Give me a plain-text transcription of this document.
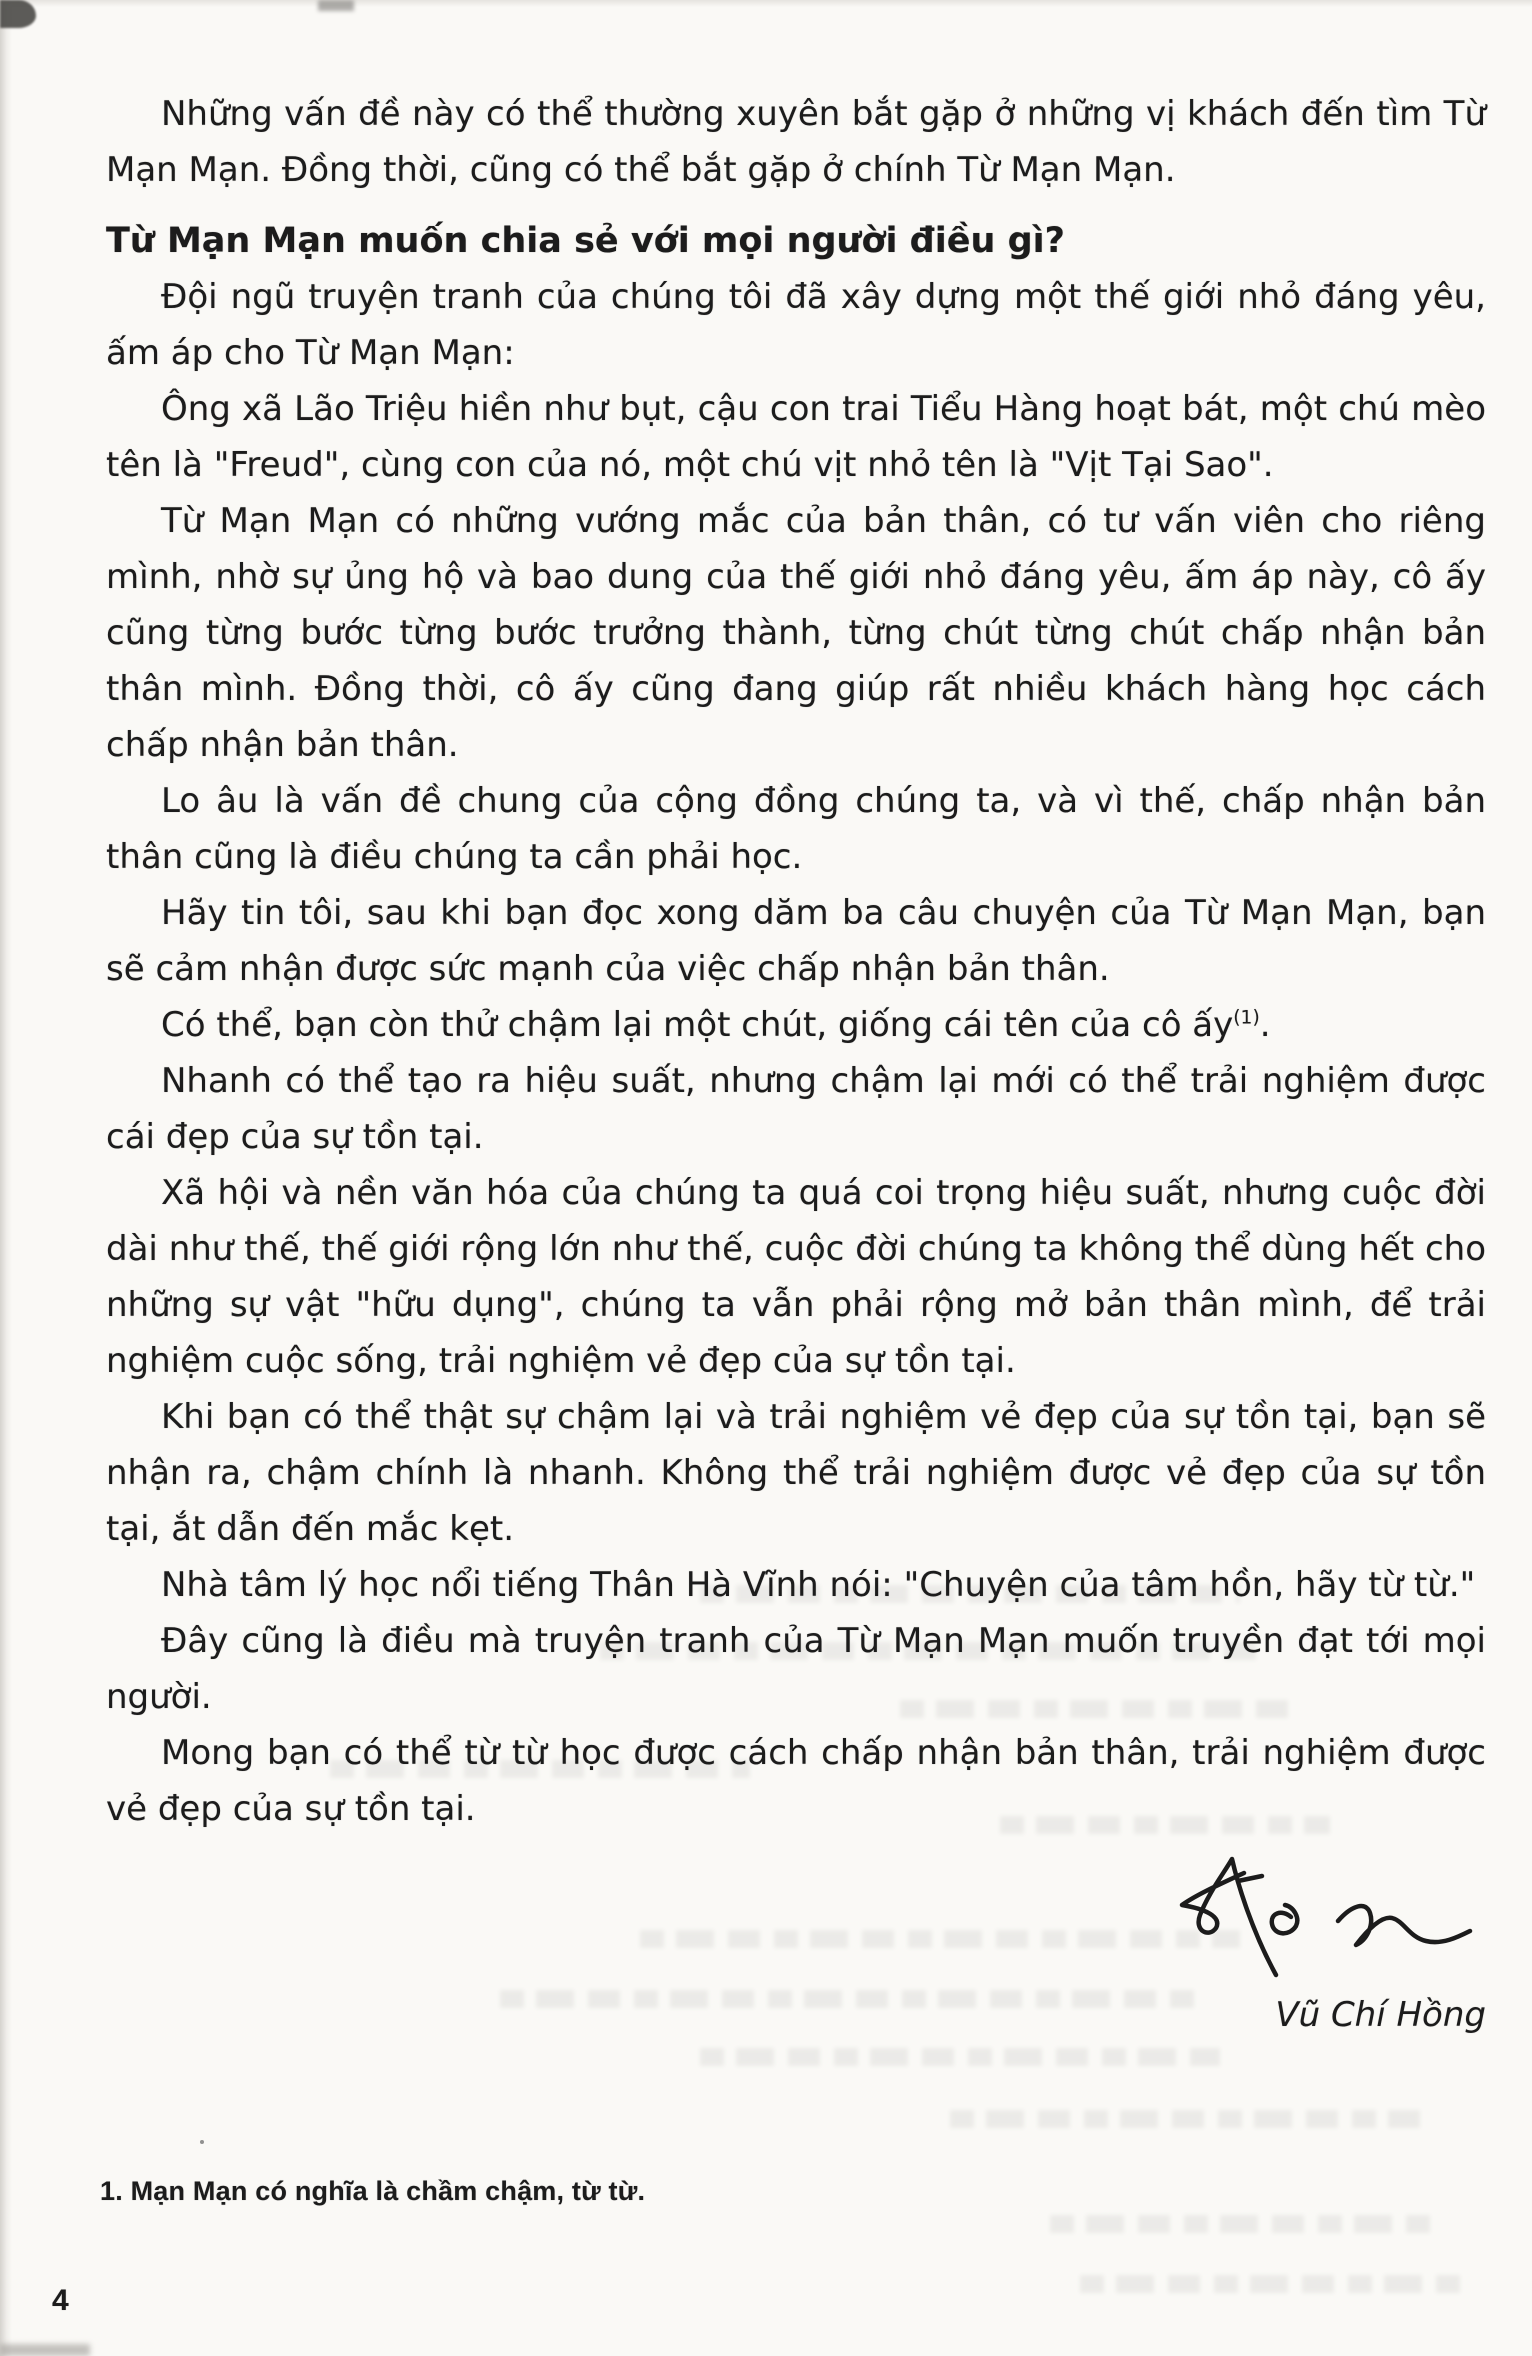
Những vấn đề này có thể thường xuyên bắt gặp ở những vị khách đến tìm Từ Mạn Mạn. Đồng thời, cũng có thể bắt gặp ở chính Từ Mạn Mạn.

Từ Mạn Mạn muốn chia sẻ với mọi người điều gì?

Đội ngũ truyện tranh của chúng tôi đã xây dựng một thế giới nhỏ đáng yêu, ấm áp cho Từ Mạn Mạn:

Ông xã Lão Triệu hiền như bụt, cậu con trai Tiểu Hàng hoạt bát, một chú mèo tên là "Freud", cùng con của nó, một chú vịt nhỏ tên là "Vịt Tại Sao".

Từ Mạn Mạn có những vướng mắc của bản thân, có tư vấn viên cho riêng mình, nhờ sự ủng hộ và bao dung của thế giới nhỏ đáng yêu, ấm áp này, cô ấy cũng từng bước từng bước trưởng thành, từng chút từng chút chấp nhận bản thân mình. Đồng thời, cô ấy cũng đang giúp rất nhiều khách hàng học cách chấp nhận bản thân.

Lo âu là vấn đề chung của cộng đồng chúng ta, và vì thế, chấp nhận bản thân cũng là điều chúng ta cần phải học.

Hãy tin tôi, sau khi bạn đọc xong dăm ba câu chuyện của Từ Mạn Mạn, bạn sẽ cảm nhận được sức mạnh của việc chấp nhận bản thân.

Có thể, bạn còn thử chậm lại một chút, giống cái tên của cô ấy$^{(1)}$.

Nhanh có thể tạo ra hiệu suất, nhưng chậm lại mới có thể trải nghiệm được cái đẹp của sự tồn tại.

Xã hội và nền văn hóa của chúng ta quá coi trọng hiệu suất, nhưng cuộc đời dài như thế, thế giới rộng lớn như thế, cuộc đời chúng ta không thể dùng hết cho những sự vật "hữu dụng", chúng ta vẫn phải rộng mở bản thân mình, để trải nghiệm cuộc sống, trải nghiệm vẻ đẹp của sự tồn tại.

Khi bạn có thể thật sự chậm lại và trải nghiệm vẻ đẹp của sự tồn tại, bạn sẽ nhận ra, chậm chính là nhanh. Không thể trải nghiệm được vẻ đẹp của sự tồn tại, ắt dẫn đến mắc kẹt.

Nhà tâm lý học nổi tiếng Thân Hà Vĩnh nói: "Chuyện của tâm hồn, hãy từ từ."

Đây cũng là điều mà truyện tranh của Từ Mạn Mạn muốn truyền đạt tới mọi người.

Mong bạn có thể từ từ học được cách chấp nhận bản thân, trải nghiệm được vẻ đẹp của sự tồn tại.

Vũ Chí Hồng
1. Mạn Mạn có nghĩa là chầm chậm, từ từ.
4
